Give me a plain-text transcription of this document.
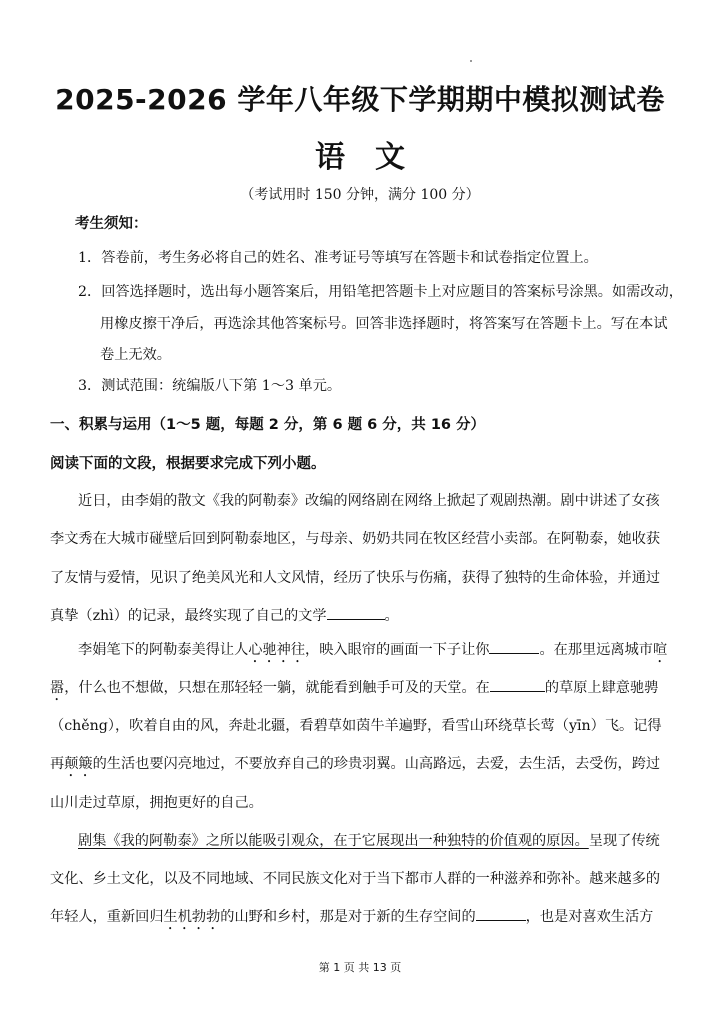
2025-2026 学年八年级下学期期中模拟测试卷
语　文
（考试用时 150 分钟，满分 100 分）
考生须知：
1．答卷前，考生务必将自己的姓名、准考证号等填写在答题卡和试卷指定位置上。
2．回答选择题时，选出每小题答案后，用铅笔把答题卡上对应题目的答案标号涂黑。如需改动，
用橡皮擦干净后，再选涂其他答案标号。回答非选择题时，将答案写在答题卡上。写在本试
卷上无效。
3．测试范围：统编版八下第 1～3 单元。
一、积累与运用（1～5 题，每题 2 分，第 6 题 6 分，共 16 分）
阅读下面的文段，根据要求完成下列小题。
近日，由李娟的散文《我的阿勒泰》改编的网络剧在网络上掀起了观剧热潮。剧中讲述了女孩
李文秀在大城市碰壁后回到阿勒泰地区，与母亲、奶奶共同在牧区经营小卖部。在阿勒泰，她收获
了友情与爱情，见识了绝美风光和人文风情，经历了快乐与伤痛，获得了独特的生命体验，并通过
真挚（zhì）的记录，最终实现了自己的文学	。
李娟笔下的阿勒泰美得让人心驰神往，映入眼帘的画面一下子让你	。在那里远离城市喧
嚣，什么也不想做，只想在那轻轻一躺，就能看到触手可及的天堂。在	的草原上肆意驰骋
（chěng），吹着自由的风，奔赴北疆，看碧草如茵牛羊遍野，看雪山环绕草长莺（yīn）飞。记得
再颠簸的生活也要闪亮地过，不要放弃自己的珍贵羽翼。山高路远，去爱，去生活，去受伤，跨过
山川走过草原，拥抱更好的自己。
剧集《我的阿勒泰》之所以能吸引观众，在于它展现出一种独特的价值观的原因。呈现了传统
文化、乡土文化，以及不同地域、不同民族文化对于当下都市人群的一种滋养和弥补。越来越多的
年轻人，重新回归生机勃勃的山野和乡村，那是对于新的生存空间的	，也是对喜欢生活方
第 1 页 共 13 页
